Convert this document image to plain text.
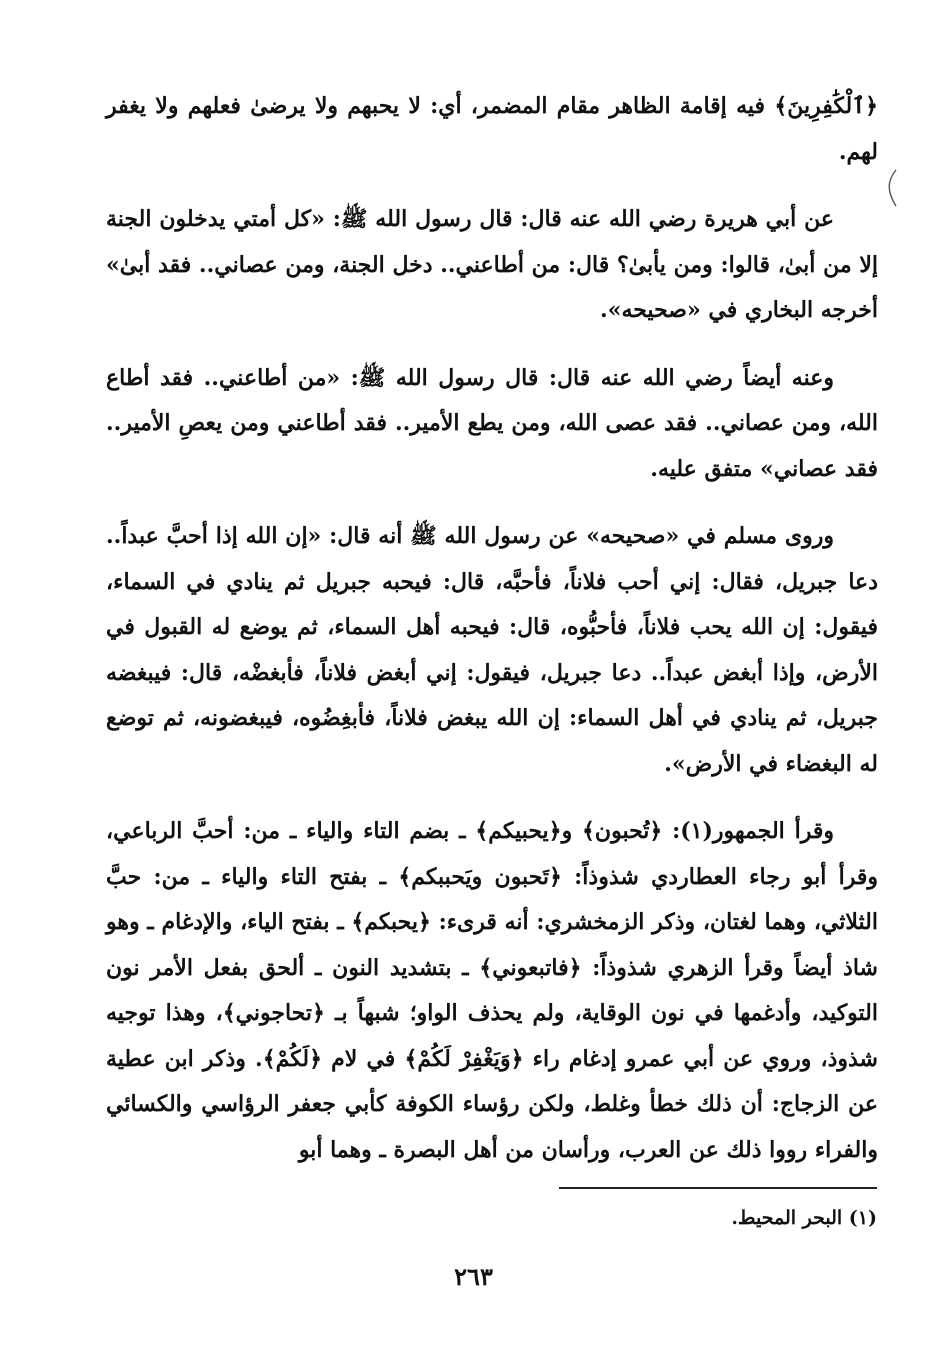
﴿ٱلْكَٰفِرِينَ﴾ فيه إقامة الظاهر مقام المضمر، أي: لا يحبهم ولا يرضىٰ فعلهم ولا يغفر لهم.

عن أبي هريرة رضي الله عنه قال: قال رسول الله ﷺ: «كل أمتي يدخلون الجنة إلا من أبىٰ، قالوا: ومن يأبىٰ؟ قال: من أطاعني.. دخل الجنة، ومن عصاني.. فقد أبىٰ» أخرجه البخاري في «صحيحه».

وعنه أيضاً رضي الله عنه قال: قال رسول الله ﷺ: «من أطاعني.. فقد أطاع الله، ومن عصاني.. فقد عصى الله، ومن يطع الأمير.. فقد أطاعني ومن يعصِ الأمير.. فقد عصاني» متفق عليه.

وروى مسلم في «صحيحه» عن رسول الله ﷺ أنه قال: «إن الله إذا أحبَّ عبداً.. دعا جبريل، فقال: إني أحب فلاناً، فأحبَّه، قال: فيحبه جبريل ثم ينادي في السماء، فيقول: إن الله يحب فلاناً، فأحبُّوه، قال: فيحبه أهل السماء، ثم يوضع له القبول في الأرض، وإذا أبغض عبداً.. دعا جبريل، فيقول: إني أبغض فلاناً، فأبغضْه، قال: فيبغضه جبريل، ثم ينادي في أهل السماء: إن الله يبغض فلاناً، فأبغِضُوه، فيبغضونه، ثم توضع له البغضاء في الأرض».

وقرأ الجمهور(١): ﴿تُحبون﴾ و﴿يحبيكم﴾ ـ بضم التاء والياء ـ من: أحبَّ الرباعي، وقرأ أبو رجاء العطاردي شذوذاً: ﴿تَحبون ويَحببكم﴾ ـ بفتح التاء والياء ـ من: حبَّ الثلاثي، وهما لغتان، وذكر الزمخشري: أنه قرىء: ﴿يحبكم﴾ ـ بفتح الياء، والإدغام ـ وهو شاذ أيضاً وقرأ الزهري شذوذاً: ﴿فاتبعوني﴾ ـ بتشديد النون ـ ألحق بفعل الأمر نون التوكيد، وأدغمها في نون الوقاية، ولم يحذف الواو؛ شبهاً بـ ﴿تحاجوني﴾، وهذا توجيه شذوذ، وروي عن أبي عمرو إدغام راء ﴿وَيَغْفِرْ لَكُمْ﴾ في لام ﴿لَكُمْ﴾. وذكر ابن عطية عن الزجاج: أن ذلك خطأ وغلط، ولكن رؤساء الكوفة كأبي جعفر الرؤاسي والكسائي والفراء رووا ذلك عن العرب، ورأسان من أهل البصرة ـ وهما أبو

(١) البحر المحيط.
٢٦٣
